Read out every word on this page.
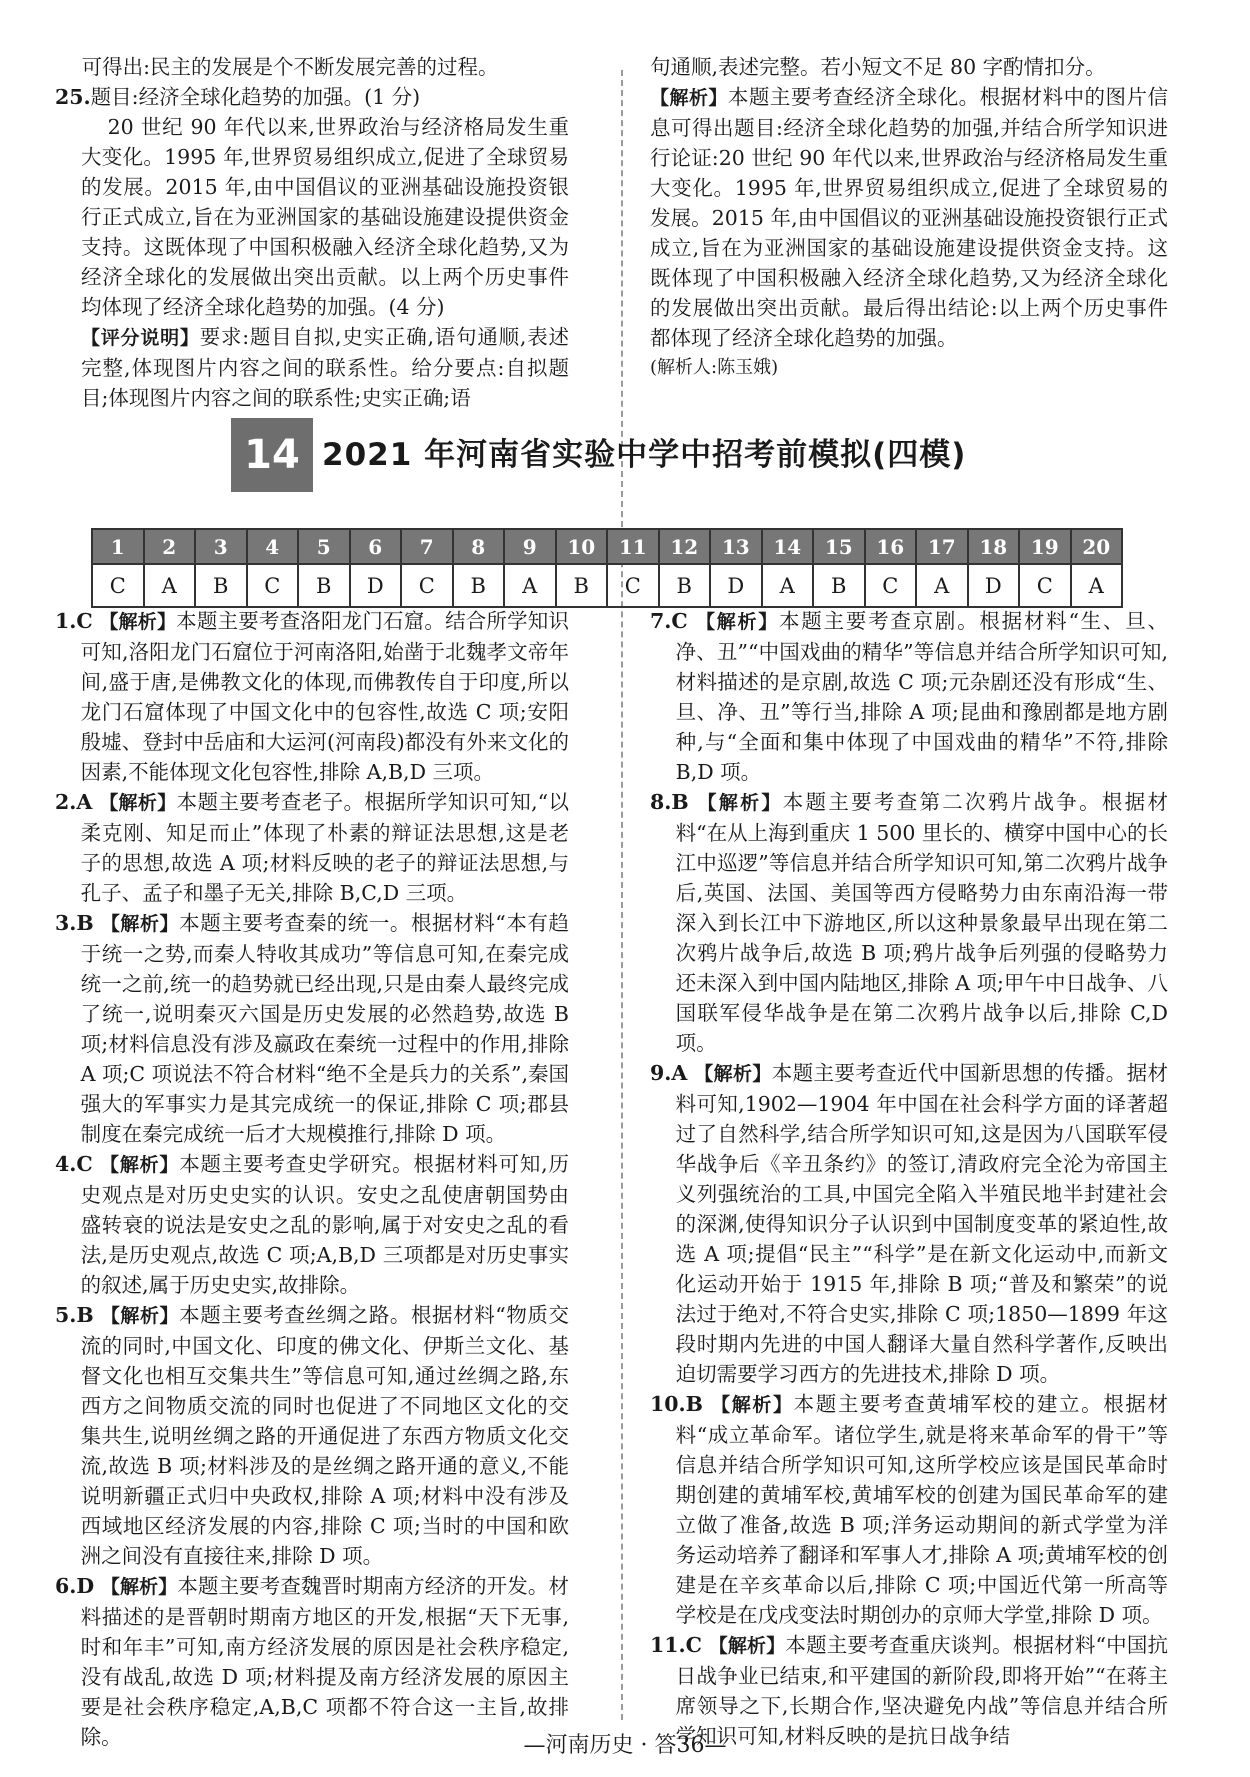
可得出:民主的发展是个不断发展完善的过程。

25.题目:经济全球化趋势的加强。(1 分)

20 世纪 90 年代以来,世界政治与经济格局发生重大变化。1995 年,世界贸易组织成立,促进了全球贸易的发展。2015 年,由中国倡议的亚洲基础设施投资银行正式成立,旨在为亚洲国家的基础设施建设提供资金支持。这既体现了中国积极融入经济全球化趋势,又为经济全球化的发展做出突出贡献。以上两个历史事件均体现了经济全球化趋势的加强。(4 分)

【评分说明】要求:题目自拟,史实正确,语句通顺,表述完整,体现图片内容之间的联系性。给分要点:自拟题目;体现图片内容之间的联系性;史实正确;语

句通顺,表述完整。若小短文不足 80 字酌情扣分。

【解析】本题主要考查经济全球化。根据材料中的图片信息可得出题目:经济全球化趋势的加强,并结合所学知识进行论证:20 世纪 90 年代以来,世界政治与经济格局发生重大变化。1995 年,世界贸易组织成立,促进了全球贸易的发展。2015 年,由中国倡议的亚洲基础设施投资银行正式成立,旨在为亚洲国家的基础设施建设提供资金支持。这既体现了中国积极融入经济全球化趋势,又为经济全球化的发展做出突出贡献。最后得出结论:以上两个历史事件都体现了经济全球化趋势的加强。

(解析人:陈玉娥)

14 2021 年河南省实验中学中招考前模拟(四模)
1	2	3	4	5	6	7	8	9	10	11	12	13	14	15	16	17	18	19	20
C	A	B	C	B	D	C	B	A	B	C	B	D	A	B	C	A	D	C	A

1.C 【解析】本题主要考查洛阳龙门石窟。结合所学知识可知,洛阳龙门石窟位于河南洛阳,始凿于北魏孝文帝年间,盛于唐,是佛教文化的体现,而佛教传自于印度,所以龙门石窟体现了中国文化中的包容性,故选 C 项;安阳殷墟、登封中岳庙和大运河(河南段)都没有外来文化的因素,不能体现文化包容性,排除 A,B,D 三项。

2.A 【解析】本题主要考查老子。根据所学知识可知,“以柔克刚、知足而止”体现了朴素的辩证法思想,这是老子的思想,故选 A 项;材料反映的老子的辩证法思想,与孔子、孟子和墨子无关,排除 B,C,D 三项。

3.B 【解析】本题主要考查秦的统一。根据材料“本有趋于统一之势,而秦人特收其成功”等信息可知,在秦完成统一之前,统一的趋势就已经出现,只是由秦人最终完成了统一,说明秦灭六国是历史发展的必然趋势,故选 B 项;材料信息没有涉及嬴政在秦统一过程中的作用,排除 A 项;C 项说法不符合材料“绝不全是兵力的关系”,秦国强大的军事实力是其完成统一的保证,排除 C 项;郡县制度在秦完成统一后才大规模推行,排除 D 项。

4.C 【解析】本题主要考查史学研究。根据材料可知,历史观点是对历史史实的认识。安史之乱使唐朝国势由盛转衰的说法是安史之乱的影响,属于对安史之乱的看法,是历史观点,故选 C 项;A,B,D 三项都是对历史事实的叙述,属于历史史实,故排除。

5.B 【解析】本题主要考查丝绸之路。根据材料“物质交流的同时,中国文化、印度的佛文化、伊斯兰文化、基督文化也相互交集共生”等信息可知,通过丝绸之路,东西方之间物质交流的同时也促进了不同地区文化的交集共生,说明丝绸之路的开通促进了东西方物质文化交流,故选 B 项;材料涉及的是丝绸之路开通的意义,不能说明新疆正式归中央政权,排除 A 项;材料中没有涉及西域地区经济发展的内容,排除 C 项;当时的中国和欧洲之间没有直接往来,排除 D 项。

6.D 【解析】本题主要考查魏晋时期南方经济的开发。材料描述的是晋朝时期南方地区的开发,根据“天下无事,时和年丰”可知,南方经济发展的原因是社会秩序稳定,没有战乱,故选 D 项;材料提及南方经济发展的原因主要是社会秩序稳定,A,B,C 项都不符合这一主旨,故排除。

7.C 【解析】本题主要考查京剧。根据材料“生、旦、净、丑”“中国戏曲的精华”等信息并结合所学知识可知,材料描述的是京剧,故选 C 项;元杂剧还没有形成“生、旦、净、丑”等行当,排除 A 项;昆曲和豫剧都是地方剧种,与“全面和集中体现了中国戏曲的精华”不符,排除 B,D 项。

8.B 【解析】本题主要考查第二次鸦片战争。根据材料“在从上海到重庆 1 500 里长的、横穿中国中心的长江中巡逻”等信息并结合所学知识可知,第二次鸦片战争后,英国、法国、美国等西方侵略势力由东南沿海一带深入到长江中下游地区,所以这种景象最早出现在第二次鸦片战争后,故选 B 项;鸦片战争后列强的侵略势力还未深入到中国内陆地区,排除 A 项;甲午中日战争、八国联军侵华战争是在第二次鸦片战争以后,排除 C,D 项。

9.A 【解析】本题主要考查近代中国新思想的传播。据材料可知,1902—1904 年中国在社会科学方面的译著超过了自然科学,结合所学知识可知,这是因为八国联军侵华战争后《辛丑条约》的签订,清政府完全沦为帝国主义列强统治的工具,中国完全陷入半殖民地半封建社会的深渊,使得知识分子认识到中国制度变革的紧迫性,故选 A 项;提倡“民主”“科学”是在新文化运动中,而新文化运动开始于 1915 年,排除 B 项;“普及和繁荣”的说法过于绝对,不符合史实,排除 C 项;1850—1899 年这段时期内先进的中国人翻译大量自然科学著作,反映出迫切需要学习西方的先进技术,排除 D 项。

10.B 【解析】本题主要考查黄埔军校的建立。根据材料“成立革命军。诸位学生,就是将来革命军的骨干”等信息并结合所学知识可知,这所学校应该是国民革命时期创建的黄埔军校,黄埔军校的创建为国民革命军的建立做了准备,故选 B 项;洋务运动期间的新式学堂为洋务运动培养了翻译和军事人才,排除 A 项;黄埔军校的创建是在辛亥革命以后,排除 C 项;中国近代第一所高等学校是在戊戌变法时期创办的京师大学堂,排除 D 项。

11.C 【解析】本题主要考查重庆谈判。根据材料“中国抗日战争业已结束,和平建国的新阶段,即将开始”“在蒋主席领导之下,长期合作,坚决避免内战”等信息并结合所学知识可知,材料反映的是抗日战争结

—河南历史 · 答36—
